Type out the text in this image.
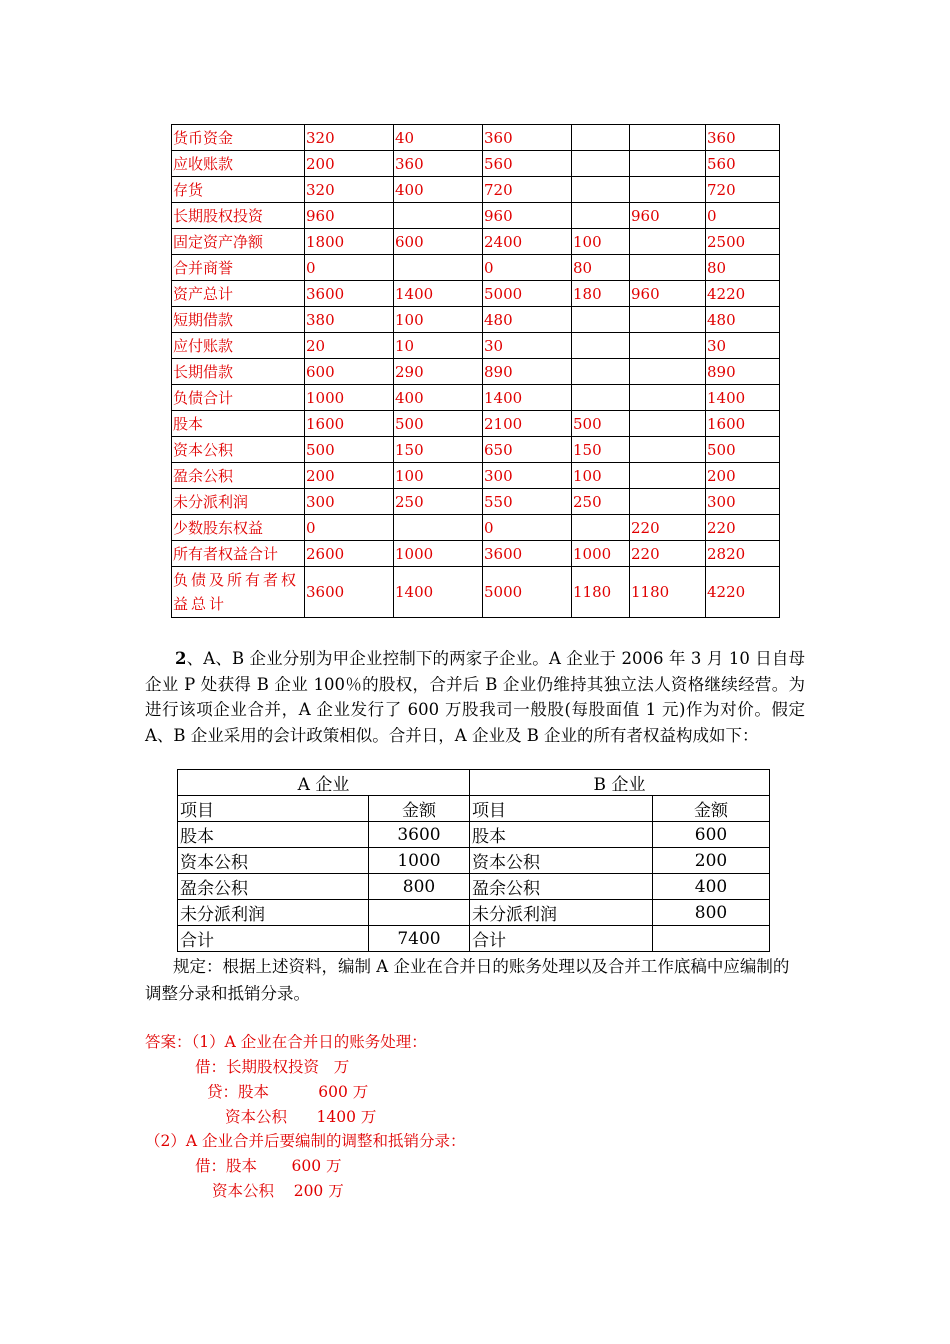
货币资金	320	40	360			360
应收账款	200	360	560			560
存货	320	400	720			720
长期股权投资	960		960		960	0
固定资产净额	1800	600	2400	100		2500
合并商誉	0		0	80		80
资产总计	3600	1400	5000	180	960	4220
短期借款	380	100	480			480
应付账款	20	10	30			30
长期借款	600	290	890			890
负债合计	1000	400	1400			1400
股本	1600	500	2100	500		1600
资本公积	500	150	650	150		500
盈余公积	200	100	300	100		200
未分派利润	300	250	550	250		300
少数股东权益	0		0		220	220
所有者权益合计	2600	1000	3600	1000	220	2820
负债及所有者权益总计	3600	1400	5000	1180	1180	4220

2、A、B 企业分别为甲企业控制下的两家子企业。A 企业于 2006 年 3 月 10 日自母企业 P 处获得 B 企业 100％的股权，合并后 B 企业仍维持其独立法人资格继续经营。为进行该项企业合并，A 企业发行了 600 万股我司一般股(每股面值 1 元)作为对价。假定 A、B 企业采用的会计政策相似。合并日，A 企业及 B 企业的所有者权益构成如下：

A 企业		B 企业	
项目	金额	项目	金额
股本	3600	股本	600
资本公积	1000	资本公积	200
盈余公积	800	盈余公积	400
未分派利润		未分派利润	800
合计	7400	合计	

规定：根据上述资料，编制 A 企业在合并日的账务处理以及合并工作底稿中应编制的调整分录和抵销分录。

答案：（1）A 企业在合并日的账务处理：
借：长期股权投资   万
贷：股本          600 万
资本公积      1400 万
（2）A 企业合并后要编制的调整和抵销分录：
借：股本       600 万
资本公积    200 万
